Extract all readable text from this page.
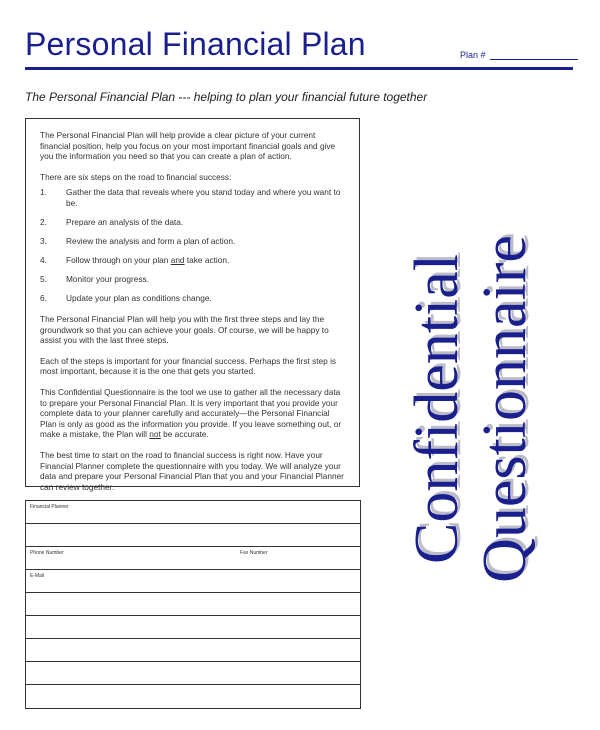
Personal Financial Plan	Plan #
The Personal Financial Plan --- helping to plan your financial future together

The Personal Financial Plan will help provide a clear picture of your current financial position, help you focus on your most important financial goals and give you the information you need so that you can create a plan of action.

There are six steps on the road to financial success:

1.	Gather the data that reveals where you stand today and where you want to be.
2.	Prepare an analysis of the data.
3.	Review the analysis and form a plan of action.
4.	Follow through on your plan and take action.
5.	Monitor your progress.
6.	Update your plan as conditions change.

The Personal Financial Plan will help you with the first three steps and lay the groundwork so that you can achieve your goals. Of course, we will be happy to assist you with the last three steps.

Each of the steps is important for your financial success. Perhaps the first step is most important, because it is the one that gets you started.

This Confidential Questionnaire is the tool we use to gather all the necessary data to prepare your Personal Financial Plan. It is very important that you provide your complete data to your planner carefully and accurately—the Personal Financial Plan is only as good as the information you provide. If you leave something out, or make a mistake, the Plan will not be accurate.

The best time to start on the road to financial success is right now. Have your Financial Planner complete the questionnaire with you today. We will analyze your data and prepare your Personal Financial Plan that you and your Financial Planner can review together.

Financial Planner
Phone Number	Fax Number
E-Mail
Confidential Questionnaire
